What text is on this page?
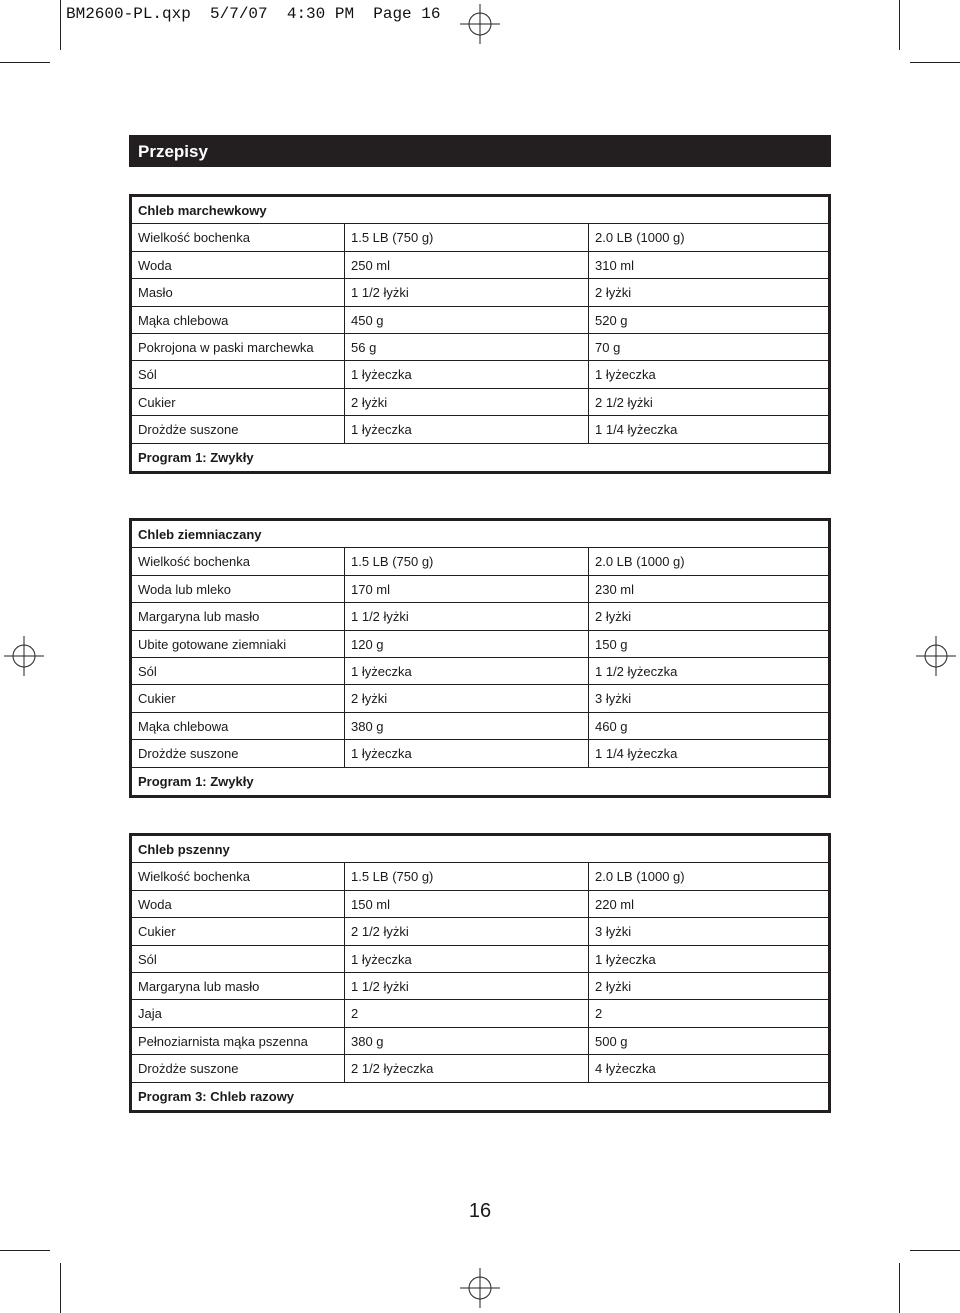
BM2600-PL.qxp  5/7/07  4:30 PM  Page 16
Przepisy
Chleb marchewkowy
Wielkość bochenka	1.5 LB (750 g)	2.0 LB (1000 g)
Woda	250 ml	310 ml
Masło	1 1/2 łyżki	2 łyżki
Mąka chlebowa	450 g	520 g
Pokrojona w paski marchewka	56 g	70 g
Sól	1 łyżeczka	1 łyżeczka
Cukier	2 łyżki	2 1/2 łyżki
Drożdże suszone	1 łyżeczka	1 1/4 łyżeczka
Program 1: Zwykły
Chleb ziemniaczany
Wielkość bochenka	1.5 LB (750 g)	2.0 LB (1000 g)
Woda lub mleko	170 ml	230 ml
Margaryna lub masło	1 1/2 łyżki	2 łyżki
Ubite gotowane ziemniaki	120 g	150 g
Sól	1 łyżeczka	1 1/2 łyżeczka
Cukier	2 łyżki	3 łyżki
Mąka chlebowa	380 g	460 g
Drożdże suszone	1 łyżeczka	1 1/4 łyżeczka
Program 1: Zwykły
Chleb pszenny
Wielkość bochenka	1.5 LB (750 g)	2.0 LB (1000 g)
Woda	150 ml	220 ml
Cukier	2 1/2 łyżki	3 łyżki
Sól	1 łyżeczka	1 łyżeczka
Margaryna lub masło	1 1/2 łyżki	2 łyżki
Jaja	2	2
Pełnoziarnista mąka pszenna	380 g	500 g
Drożdże suszone	2 1/2 łyżeczka	4 łyżeczka
Program 3: Chleb razowy
16
